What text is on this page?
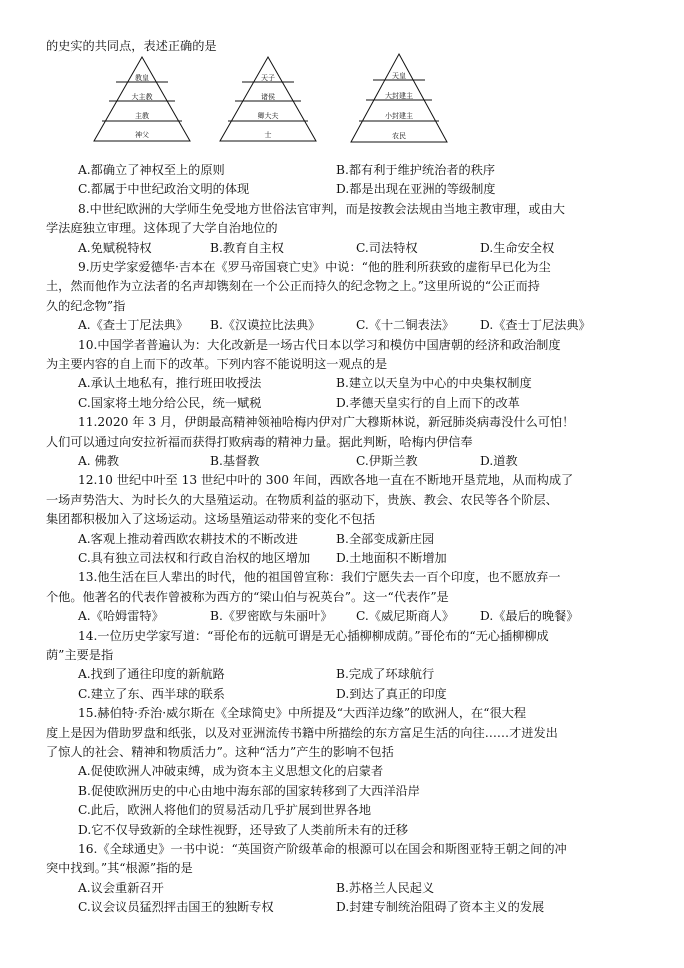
的史实的共同点，表述正确的是
教皇
大主教
主教
神父
天子
诸侯
卿大夫
士
天皇
大封建主
小封建主
农民
A.都确立了神权至上的原则	B.都有利于维护统治者的秩序
C.都属于中世纪政治文明的体现	D.都是出现在亚洲的等级制度
8.中世纪欧洲的大学师生免受地方世俗法官审判，而是按教会法规由当地主教审理，或由大
学法庭独立审理。这体现了大学自治地位的
A.免赋税特权	B.教育自主权	C.司法特权	D.生命安全权
9.历史学家爱德华·吉本在《罗马帝国衰亡史》中说：“他的胜利所获致的虚衔早已化为尘
土，然而他作为立法者的名声却镌刻在一个公正而持久的纪念物之上。”这里所说的“公正而持
久的纪念物”指
A.《查士丁尼法典》 B.《汉谟拉比法典》	C.《十二铜表法》 D.《查士丁尼法典》
10.中国学者普遍认为：大化改新是一场古代日本以学习和模仿中国唐朝的经济和政治制度
为主要内容的自上而下的改革。下列内容不能说明这一观点的是
A.承认土地私有，推行班田收授法	B.建立以天皇为中心的中央集权制度
C.国家将土地分给公民，统一赋税	D.孝德天皇实行的自上而下的改革
11.2020 年 3 月，伊朗最高精神领袖哈梅内伊对广大穆斯林说，新冠肺炎病毒没什么可怕！
人们可以通过向安拉祈福而获得打败病毒的精神力量。据此判断，哈梅内伊信奉
A. 佛教	B.基督教	C.伊斯兰教	D.道教
12.10 世纪中叶至 13 世纪中叶的 300 年间，西欧各地一直在不断地开垦荒地，从而构成了
一场声势浩大、为时长久的大垦殖运动。在物质利益的驱动下，贵族、教会、农民等各个阶层、
集团都积极加入了这场运动。这场垦殖运动带来的变化不包括
A.客观上推动着西欧农耕技术的不断改进	B.全部变成新庄园
C.具有独立司法权和行政自治权的地区增加 D.土地面积不断增加
13.他生活在巨人辈出的时代，他的祖国曾宣称：我们宁愿失去一百个印度，也不愿放弃一
个他。他著名的代表作曾被称为西方的“梁山伯与祝英台”。这一“代表作”是
A.《哈姆雷特》	B.《罗密欧与朱丽叶》 C.《威尼斯商人》 D.《最后的晚餐》
14.一位历史学家写道：“哥伦布的远航可谓是无心插柳柳成荫。”哥伦布的“无心插柳柳成
荫”主要是指
A.找到了通往印度的新航路	B.完成了环球航行
C.建立了东、西半球的联系	D.到达了真正的印度
15.赫伯特·乔治·威尔斯在《全球简史》中所提及“大西洋边缘”的欧洲人，在“很大程
度上是因为借助罗盘和纸张，以及对亚洲流传书籍中所描绘的东方富足生活的向往……才迸发出
了惊人的社会、精神和物质活力”。这种“活力”产生的影响不包括
A.促使欧洲人冲破束缚，成为资本主义思想文化的启蒙者
B.促使欧洲历史的中心由地中海东部的国家转移到了大西洋沿岸
C.此后，欧洲人将他们的贸易活动几乎扩展到世界各地
D.它不仅导致新的全球性视野，还导致了人类前所未有的迁移
16.《全球通史》一书中说：“英国资产阶级革命的根源可以在国会和斯图亚特王朝之间的冲
突中找到。”其“根源”指的是
A.议会重新召开	B.苏格兰人民起义
C.议会议员猛烈抨击国王的独断专权	D.封建专制统治阻碍了资本主义的发展
